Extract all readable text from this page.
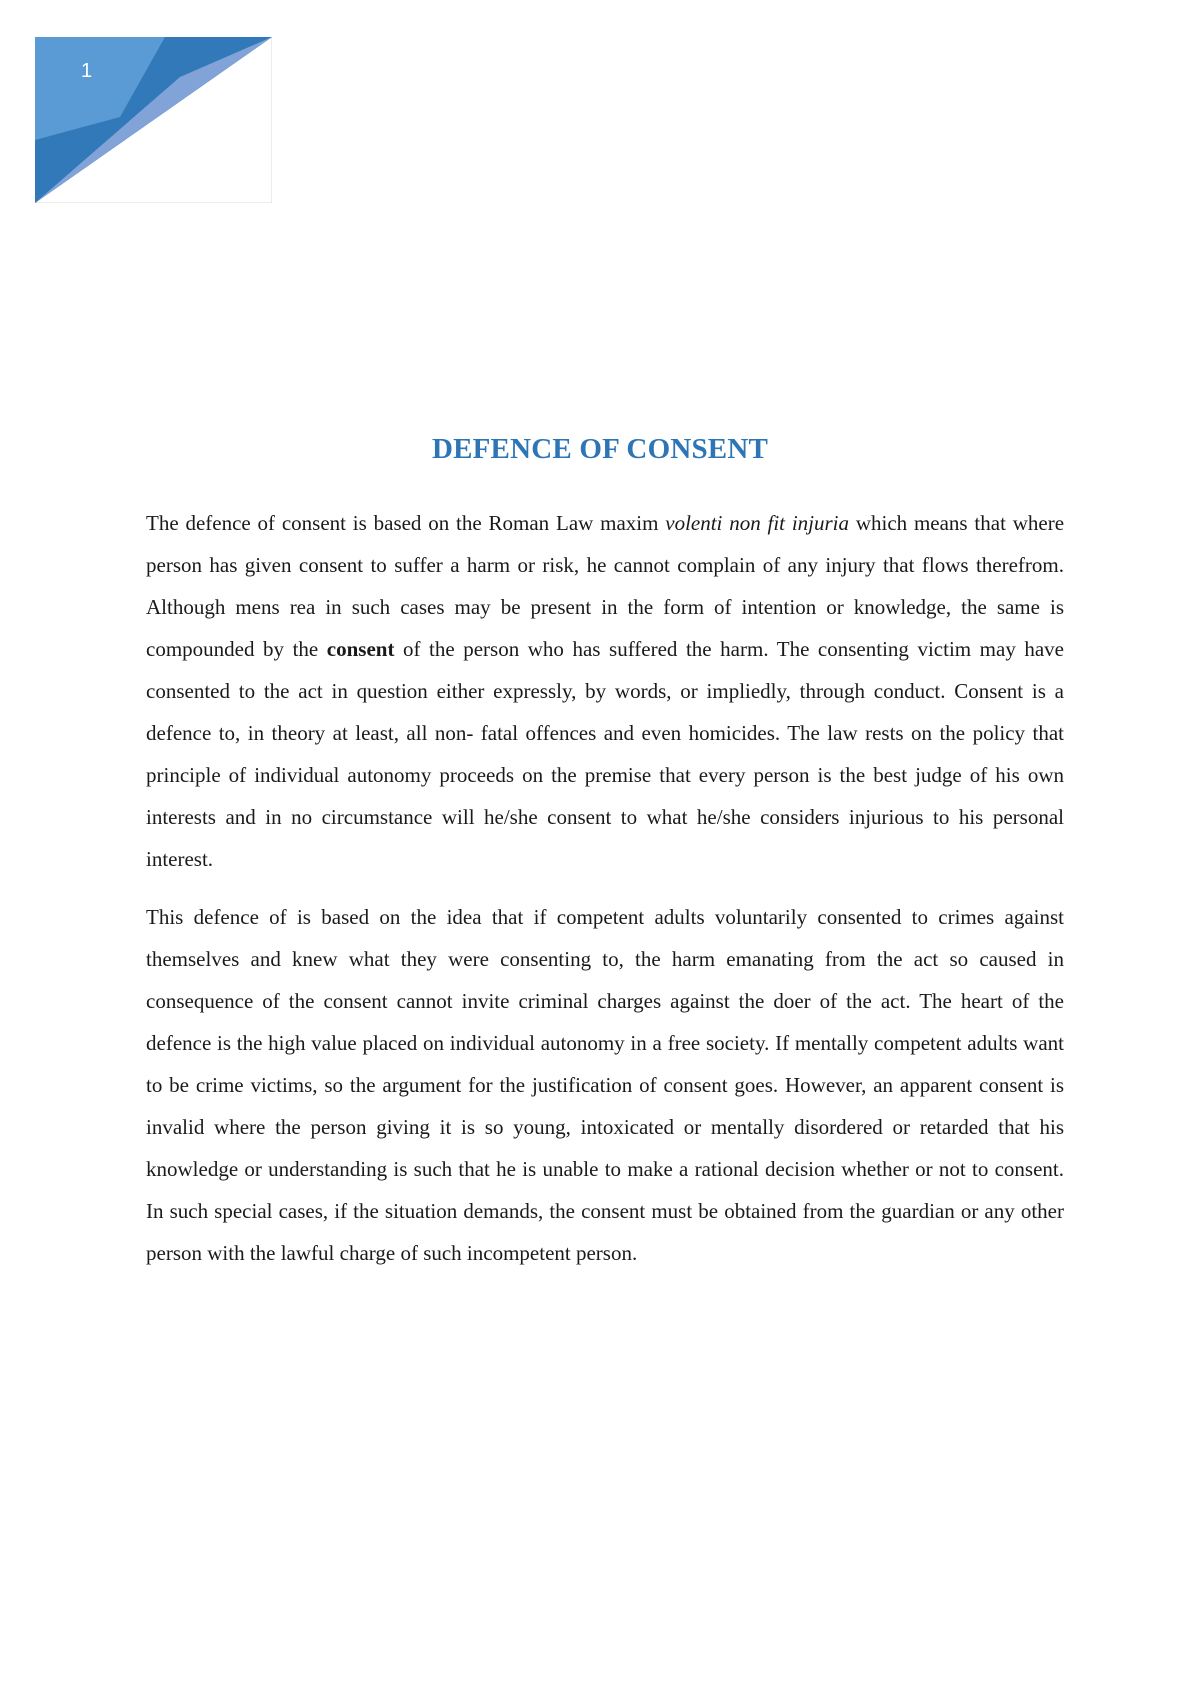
1
DEFENCE OF CONSENT

The defence of consent is based on the Roman Law maxim volenti non fit injuria which means that where person has given consent to suffer a harm or risk, he cannot complain of any injury that flows therefrom. Although mens rea in such cases may be present in the form of intention or knowledge, the same is compounded by the consent of the person who has suffered the harm. The consenting victim may have consented to the act in question either expressly, by words, or impliedly, through conduct. Consent is a defence to, in theory at least, all non- fatal offences and even homicides. The law rests on the policy that principle of individual autonomy proceeds on the premise that every person is the best judge of his own interests and in no circumstance will he/she consent to what he/she considers injurious to his personal interest.

This defence of is based on the idea that if competent adults voluntarily consented to crimes against themselves and knew what they were consenting to, the harm emanating from the act so caused in consequence of the consent cannot invite criminal charges against the doer of the act. The heart of the defence is the high value placed on individual autonomy in a free society. If mentally competent adults want to be crime victims, so the argument for the justification of consent goes. However, an apparent consent is invalid where the person giving it is so young, intoxicated or mentally disordered or retarded that his knowledge or understanding is such that he is unable to make a rational decision whether or not to consent. In such special cases, if the situation demands, the consent must be obtained from the guardian or any other person with the lawful charge of such incompetent person.
